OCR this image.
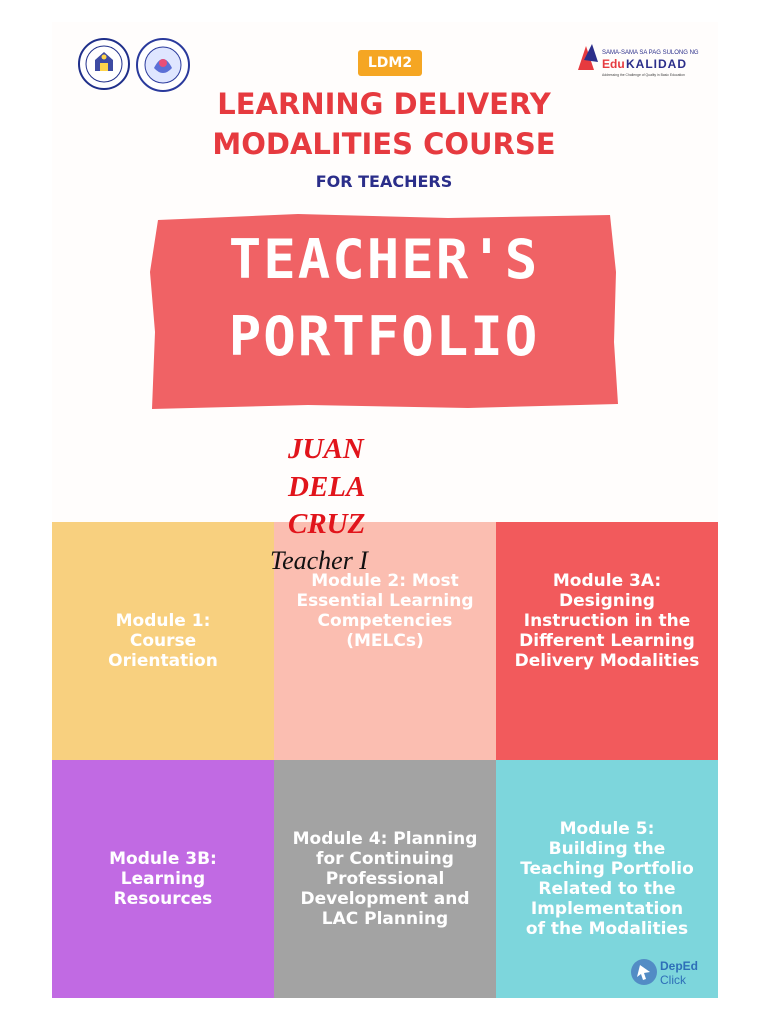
SAMA-SAMA SA PAG SULONG NG
Edu KALIDAD
Addressing the Challenge of Quality in Basic Education
LDM2
LEARNING DELIVERY
MODALITIES COURSE
FOR TEACHERS
TEACHER'S
PORTFOLIO
Module 1: Course Orientation
Module 2: Most Essential Learning Competencies (MELCs)
Module 3A: Designing Instruction in the Different Learning Delivery Modalities
Module 3B: Learning Resources
Module 4: Planning for Continuing Professional Development and LAC Planning
Module 5: Building the Teaching Portfolio Related to the Implementation of the Modalities
JUAN
DELA
CRUZ
Teacher I
DepEd
Click
